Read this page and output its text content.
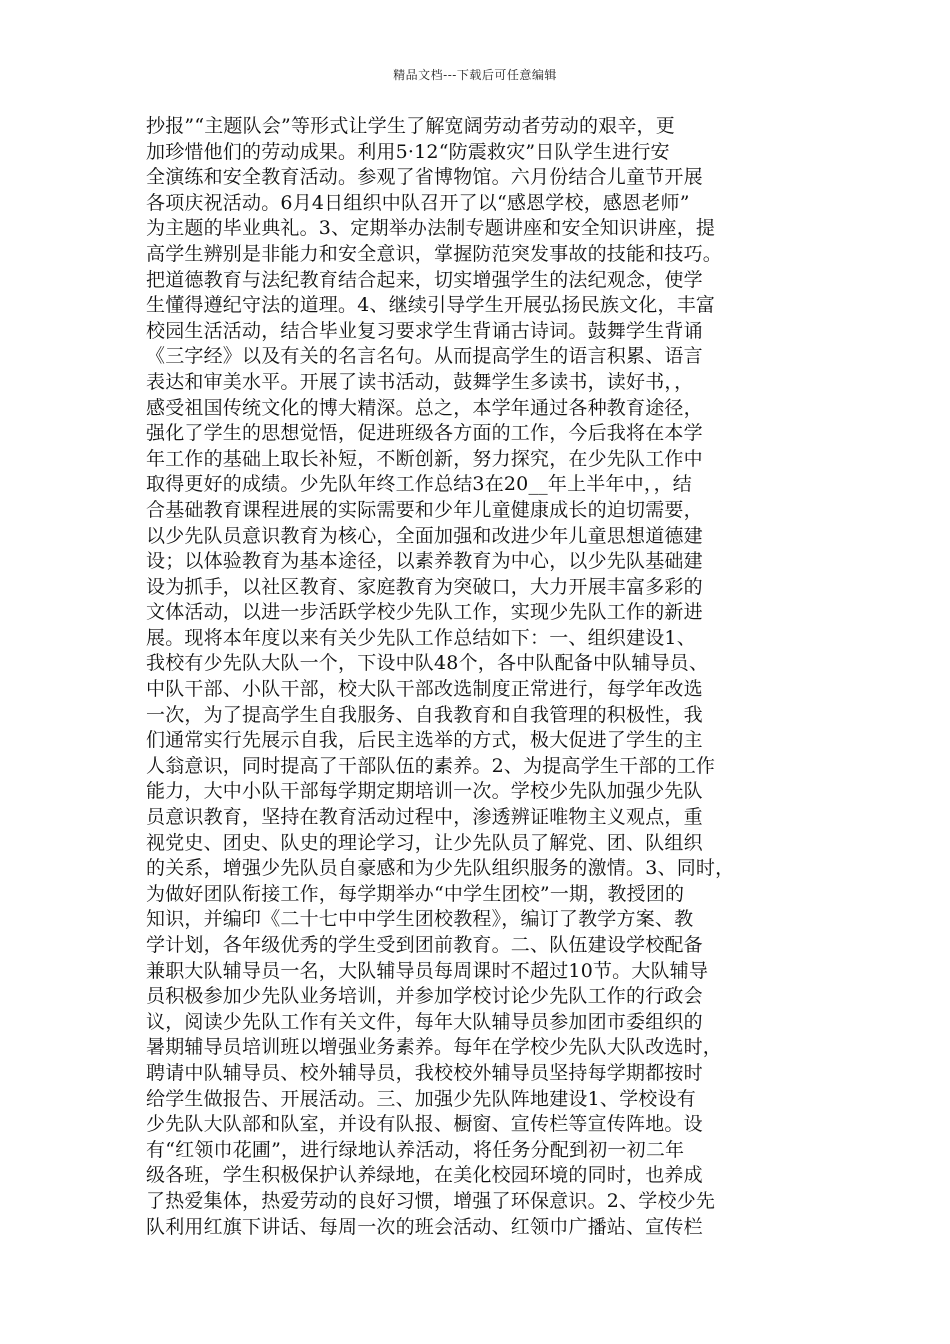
精品文档---下载后可任意编辑
抄报”“主题队会”等形式让学生了解宽阔劳动者劳动的艰辛，更
加珍惜他们的劳动成果。利用5·12“防震救灾”日队学生进行安
全演练和安全教育活动。参观了省博物馆。六月份结合儿童节开展
各项庆祝活动。6月4日组织中队召开了以“感恩学校，感恩老师”
为主题的毕业典礼。3、定期举办法制专题讲座和安全知识讲座，提
高学生辨别是非能力和安全意识，掌握防范突发事故的技能和技巧。
把道德教育与法纪教育结合起来，切实增强学生的法纪观念，使学
生懂得遵纪守法的道理。4、继续引导学生开展弘扬民族文化，丰富
校园生活活动，结合毕业复习要求学生背诵古诗词。鼓舞学生背诵
《三字经》以及有关的名言名句。从而提高学生的语言积累、语言
表达和审美水平。开展了读书活动，鼓舞学生多读书，读好书，，
感受祖国传统文化的博大精深。总之，本学年通过各种教育途径，
强化了学生的思想觉悟，促进班级各方面的工作，今后我将在本学
年工作的基础上取长补短，不断创新，努力探究，在少先队工作中
取得更好的成绩。少先队年终工作总结3在20__年上半年中，，结
合基础教育课程进展的实际需要和少年儿童健康成长的迫切需要，
以少先队员意识教育为核心，全面加强和改进少年儿童思想道德建
设；以体验教育为基本途径，以素养教育为中心，以少先队基础建
设为抓手，以社区教育、家庭教育为突破口，大力开展丰富多彩的
文体活动，以进一步活跃学校少先队工作，实现少先队工作的新进
展。现将本年度以来有关少先队工作总结如下：一、组织建设1、
我校有少先队大队一个，下设中队48个，各中队配备中队辅导员、
中队干部、小队干部，校大队干部改选制度正常进行，每学年改选
一次，为了提高学生自我服务、自我教育和自我管理的积极性，我
们通常实行先展示自我，后民主选举的方式，极大促进了学生的主
人翁意识，同时提高了干部队伍的素养。2、为提高学生干部的工作
能力，大中小队干部每学期定期培训一次。学校少先队加强少先队
员意识教育，坚持在教育活动过程中，渗透辨证唯物主义观点，重
视党史、团史、队史的理论学习，让少先队员了解党、团、队组织
的关系，增强少先队员自豪感和为少先队组织服务的激情。3、同时，
为做好团队衔接工作，每学期举办“中学生团校”一期，教授团的
知识，并编印《二十七中中学生团校教程》，编订了教学方案、教
学计划，各年级优秀的学生受到团前教育。二、队伍建设学校配备
兼职大队辅导员一名，大队辅导员每周课时不超过10节。大队辅导
员积极参加少先队业务培训，并参加学校讨论少先队工作的行政会
议，阅读少先队工作有关文件，每年大队辅导员参加团市委组织的
暑期辅导员培训班以增强业务素养。每年在学校少先队大队改选时，
聘请中队辅导员、校外辅导员，我校校外辅导员坚持每学期都按时
给学生做报告、开展活动。三、加强少先队阵地建设1、学校设有
少先队大队部和队室，并设有队报、橱窗、宣传栏等宣传阵地。设
有“红领巾花圃”，进行绿地认养活动，将任务分配到初一初二年
级各班，学生积极保护认养绿地，在美化校园环境的同时，也养成
了热爱集体，热爱劳动的良好习惯，增强了环保意识。2、学校少先
队利用红旗下讲话、每周一次的班会活动、红领巾广播站、宣传栏
